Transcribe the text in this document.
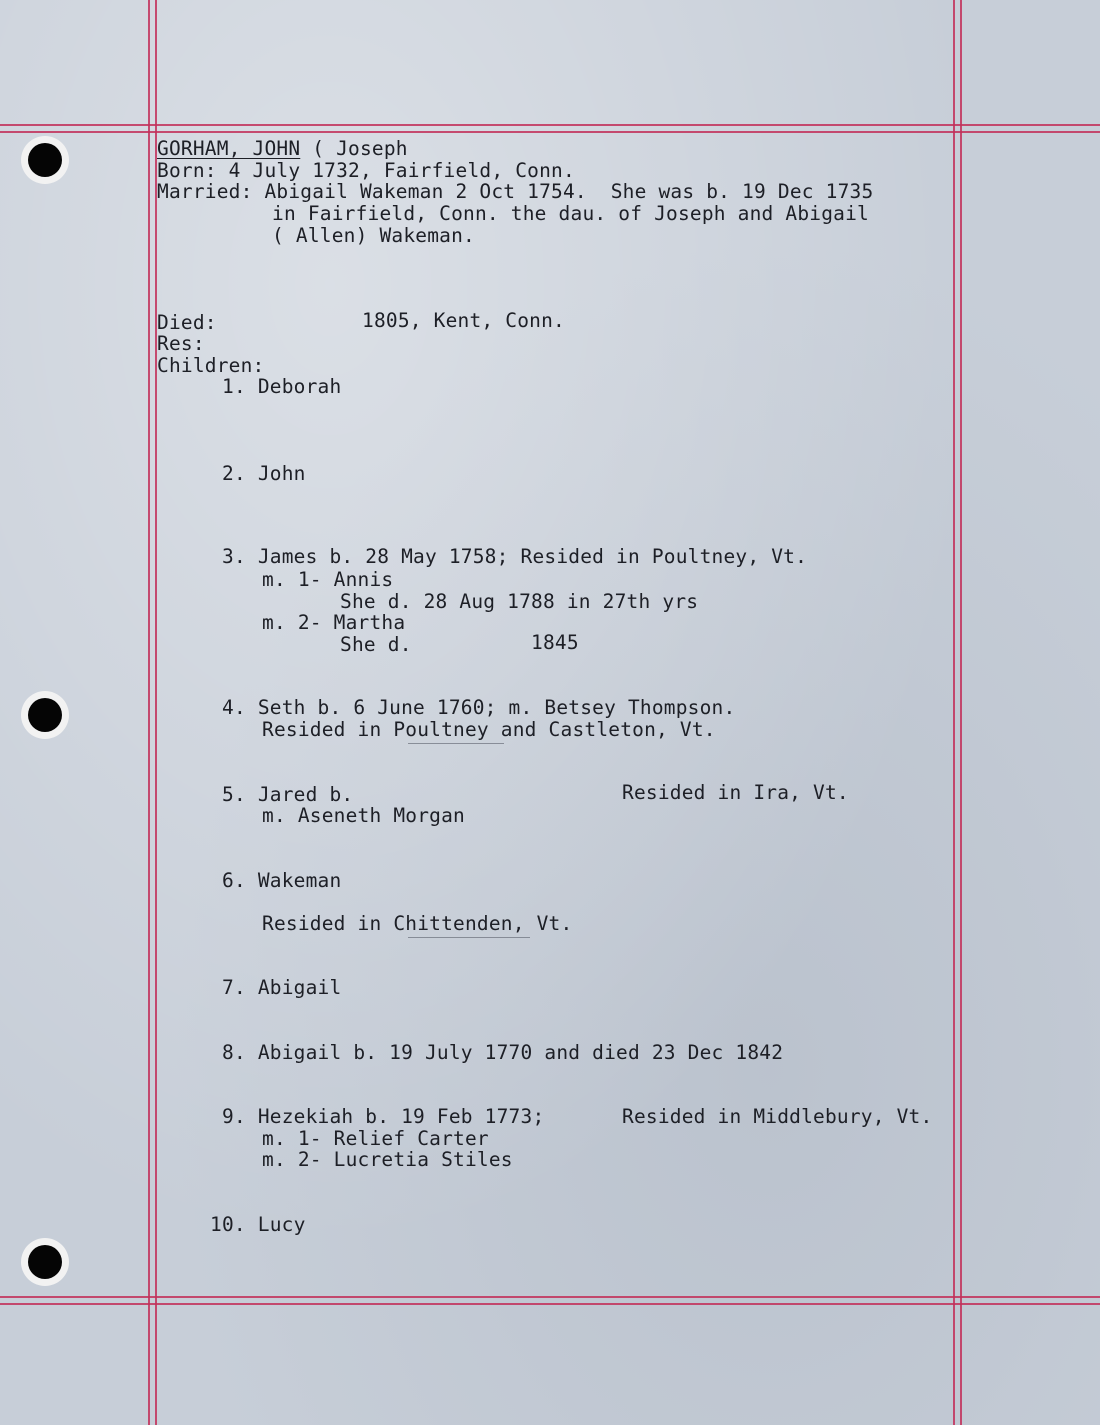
GORHAM, JOHN ( Joseph
Born: 4 July 1732, Fairfield, Conn.
Married: Abigail Wakeman 2 Oct 1754.  She was b. 19 Dec 1735
in Fairfield, Conn. the dau. of Joseph and Abigail
( Allen) Wakeman.
Died:	1805, Kent, Conn.
Res:
Children:
1. Deborah
2. John
3. James b. 28 May 1758; Resided in Poultney, Vt.
m. 1- Annis
She d. 28 Aug 1788 in 27th yrs
m. 2- Martha
She d.	1845
4. Seth b. 6 June 1760; m. Betsey Thompson.
Resided in Poultney and Castleton, Vt.
5. Jared b.	Resided in Ira, Vt.
m. Aseneth Morgan
6. Wakeman
Resided in Chittenden, Vt.
7. Abigail
8. Abigail b. 19 July 1770 and died 23 Dec 1842
9. Hezekiah b. 19 Feb 1773;	Resided in Middlebury, Vt.
m. 1- Relief Carter
m. 2- Lucretia Stiles
10. Lucy
